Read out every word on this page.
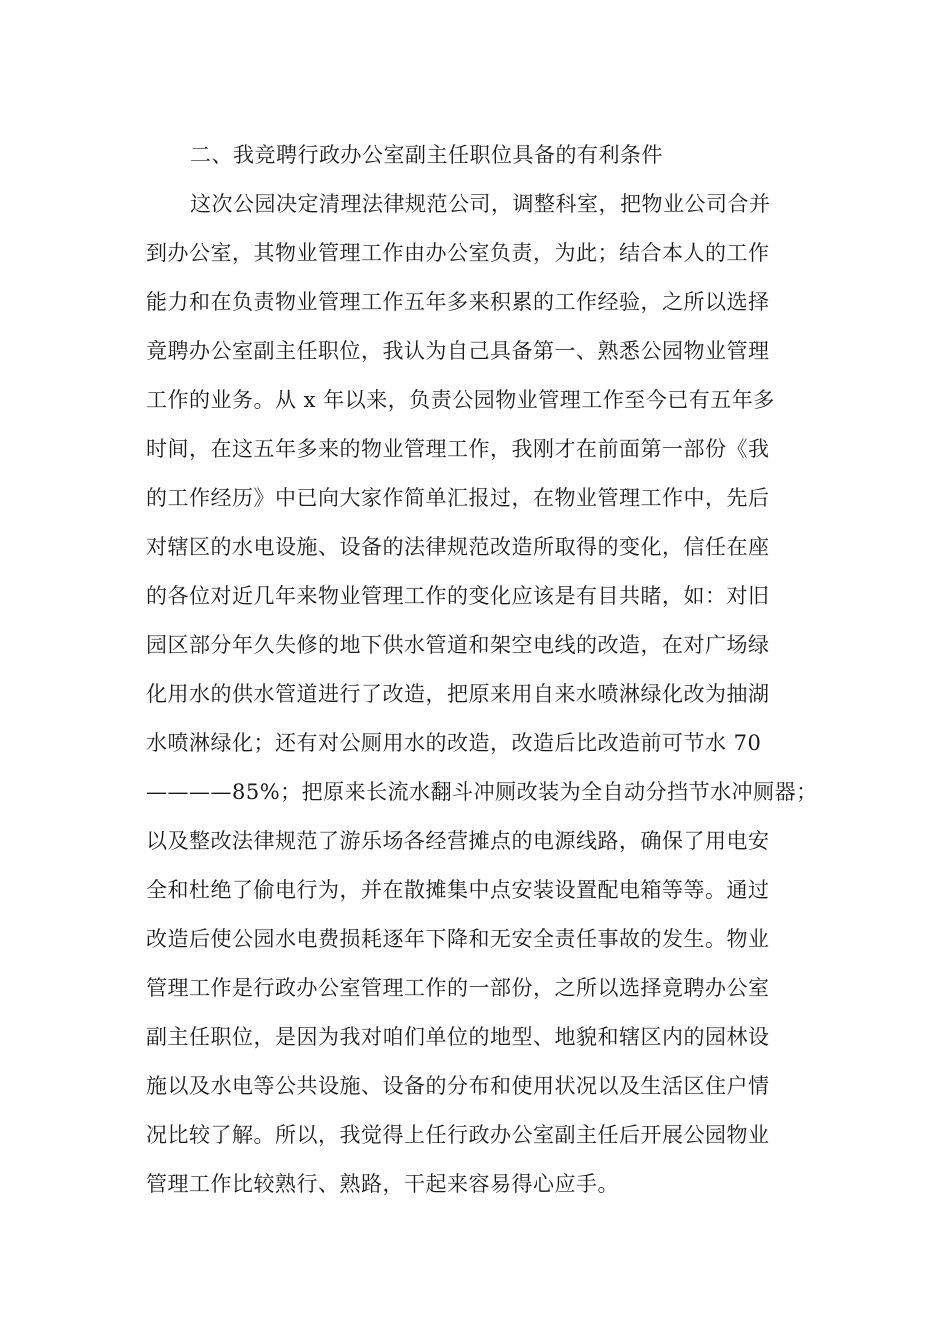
二、我竞聘行政办公室副主任职位具备的有利条件
这次公园决定清理法律规范公司，调整科室，把物业公司合并
到办公室，其物业管理工作由办公室负责，为此；结合本人的工作
能力和在负责物业管理工作五年多来积累的工作经验，之所以选择
竟聘办公室副主任职位，我认为自己具备第一、熟悉公园物业管理
工作的业务。从 x 年以来，负责公园物业管理工作至今已有五年多
时间，在这五年多来的物业管理工作，我刚才在前面第一部份《我
的工作经历》中已向大家作简单汇报过，在物业管理工作中，先后
对辖区的水电设施、设备的法律规范改造所取得的变化，信任在座
的各位对近几年来物业管理工作的变化应该是有目共睹，如：对旧
园区部分年久失修的地下供水管道和架空电线的改造，在对广场绿
化用水的供水管道进行了改造，把原来用自来水喷淋绿化改为抽湖
水喷淋绿化；还有对公厕用水的改造，改造后比改造前可节水 70
————85%；把原来长流水翻斗冲厕改装为全自动分挡节水冲厕器；
以及整改法律规范了游乐场各经营摊点的电源线路，确保了用电安
全和杜绝了偷电行为，并在散摊集中点安装设置配电箱等等。通过
改造后使公园水电费损耗逐年下降和无安全责任事故的发生。物业
管理工作是行政办公室管理工作的一部份，之所以选择竟聘办公室
副主任职位，是因为我对咱们单位的地型、地貌和辖区内的园林设
施以及水电等公共设施、设备的分布和使用状况以及生活区住户情
况比较了解。所以，我觉得上任行政办公室副主任后开展公园物业
管理工作比较熟行、熟路，干起来容易得心应手。
